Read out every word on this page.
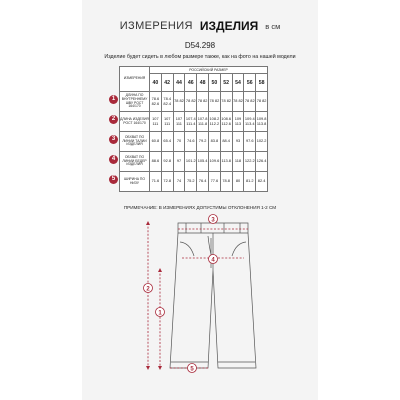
ИЗМЕРЕНИЯ ИЗДЕЛИЯ в см
D54.298
Изделие будет сидеть в любом размере также, как на фото на нашей модели
ИЗМЕРЕНИЯ	РОССИЙСКИЙ РАЗМЕР									
	40	42	44	46	48	50	52	54	56	58
ДЛИНА ПО ВНУТРЕННЕМУ ШВУ РОСТ 164/170	78.6 82.6	78.4 82.4	78 82	78 82	78 82	78 82	78 82	78 82	78 82	78 82
ДЛИНА ИЗДЕЛИЯ РОСТ 164/170	107 111	107 111	107 111	107.4 111.4	107.8 111.8	108.2 112.2	108.6 112.6	109 113	109.4 113.4	109.8 113.8
ОБХВАТ ПО ЛИНИИ ТАЛИИ ИЗДЕЛИЯ	60.8	65.4	70	74.6	79.2	83.8	88.4	93	97.6	102.2
ОБХВАТ ПО ЛИНИИ БЕДЕР ИЗДЕЛИЯ	88.6	92.8	97	101.2	105.4	109.6	113.8	118	122.2	126.4
ШИРИНА ПО НИЗУ	71.6	72.8	74	75.2	76.4	77.6	78.8	80	81.2	82.4
1
2
3
4
5
ПРИМЕЧАНИЕ: В ИЗМЕРЕНИЯХ ДОПУСТИМЫ ОТКЛОНЕНИЯ 1-2 СМ
1
2
3
4
5
